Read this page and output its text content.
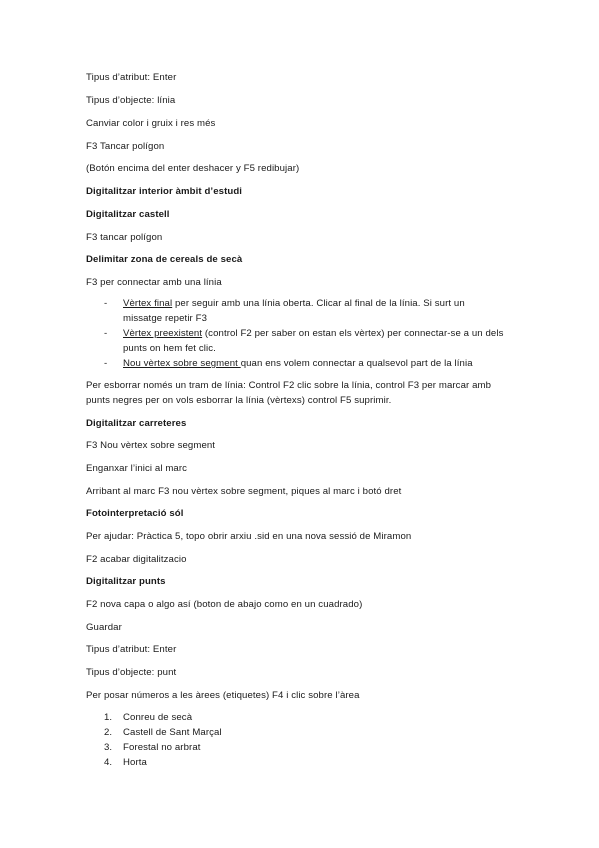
Tipus d’atribut: Enter
Tipus d’objecte: línia
Canviar color i gruix i res més
F3 Tancar polígon
(Botón encima del enter deshacer y F5 redibujar)
Digitalitzar interior àmbit d’estudi
Digitalitzar castell
F3 tancar polígon
Delimitar zona de cereals de secà
F3 per connectar amb una línia
- Vèrtex final per seguir amb una línia oberta. Clicar al final de la línia. Si surt un
missatge repetir F3
- Vèrtex preexistent (control F2 per saber on estan els vèrtex) per connectar-se a un dels
punts on hem fet clic.
- Nou vèrtex sobre segment quan ens volem connectar a qualsevol part de la línia
Per esborrar només un tram de línia: Control F2 clic sobre la línia, control F3 per marcar amb
punts negres per on vols esborrar la línia (vèrtexs) control F5 suprimir.
Digitalitzar carreteres
F3 Nou vèrtex sobre segment
Enganxar l’inici al marc
Arribant al marc F3 nou vèrtex sobre segment, piques al marc i botó dret
Fotointerpretació sól
Per ajudar: Pràctica 5, topo obrir arxiu .sid en una nova sessió de Miramon
F2 acabar digitalitzacio
Digitalitzar punts
F2 nova capa o algo así (boton de abajo como en un cuadrado)
Guardar
Tipus d’atribut: Enter
Tipus d’objecte: punt
Per posar números a les àrees (etiquetes) F4 i clic sobre l’àrea
1. Conreu de secà
2. Castell de Sant Marçal
3. Forestal no arbrat
4. Horta
